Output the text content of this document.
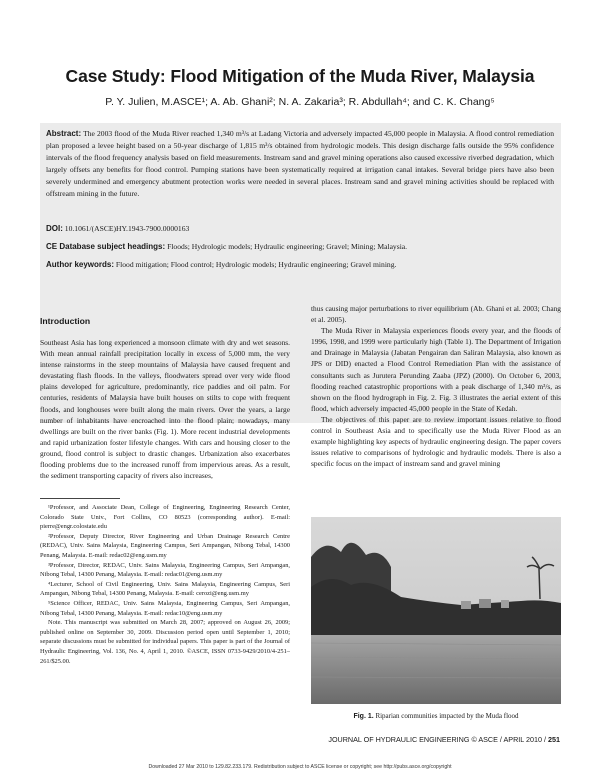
Case Study: Flood Mitigation of the Muda River, Malaysia
P. Y. Julien, M.ASCE¹; A. Ab. Ghani²; N. A. Zakaria³; R. Abdullah⁴; and C. K. Chang⁵
Abstract: The 2003 flood of the Muda River reached 1,340 m³/s at Ladang Victoria and adversely impacted 45,000 people in Malaysia. A flood control remediation plan proposed a levee height based on a 50-year discharge of 1,815 m³/s obtained from hydrologic models. This design discharge falls outside the 95% confidence intervals of the flood frequency analysis based on field measurements. Instream sand and gravel mining operations also caused excessive riverbed degradation, which largely offsets any benefits for flood control. Pumping stations have been systematically required at irrigation canal intakes. Several bridge piers have also been severely undermined and emergency abutment protection works were needed in several places. Instream sand and gravel mining activities should be replaced with offstream mining in the future.
DOI: 10.1061/(ASCE)HY.1943-7900.0000163
CE Database subject headings: Floods; Hydrologic models; Hydraulic engineering; Gravel; Mining; Malaysia.
Author keywords: Flood mitigation; Flood control; Hydrologic models; Hydraulic engineering; Gravel mining.
Introduction

Southeast Asia has long experienced a monsoon climate with dry and wet seasons. With mean annual rainfall precipitation locally in excess of 5,000 mm, the very intense rainstorms in the steep mountains of Malaysia have caused frequent and devastating flash floods. In the valleys, floodwaters spread over very wide flood plains developed for agriculture, predominantly, rice paddies and oil palm. For centuries, residents of Malaysia have built houses on stilts to cope with frequent floods, and longhouses were built along the main rivers. Over the years, a large number of inhabitants have encroached into the flood plain; nowadays, many dwellings are built on the river banks (Fig. 1). More recent industrial developments and rapid urbanization foster lifestyle changes. With cars and housing closer to the ground, flood control is subject to drastic changes. Urbanization also exacerbates flooding problems due to the increased runoff from impervious areas. As a result, the sediment transporting capacity of rivers also increases,

thus causing major perturbations to river equilibrium (Ab. Ghani et al. 2003; Chang et al. 2005).

The Muda River in Malaysia experiences floods every year, and the floods of 1996, 1998, and 1999 were particularly high (Table 1). The Department of Irrigation and Drainage in Malaysia (Jabatan Pengairan dan Saliran Malaysia, also known as JPS or DID) enacted a Flood Control Remediation Plan with the assistance of consultants such as Jurutera Perunding Zaaba (JPZ) (2000). On October 6, 2003, flooding reached catastrophic proportions with a peak discharge of 1,340 m³/s, as shown on the flood hydrograph in Fig. 2. Fig. 3 illustrates the aerial extent of this flood, which adversely impacted 45,000 people in the State of Kedah.

The objectives of this paper are to review important issues relative to flood control in Southeast Asia and to specifically use the Muda River Flood as an example highlighting key aspects of hydraulic engineering design. The paper covers issues relative to comparisons of hydrologic and hydraulic models. There is also a specific focus on the impact of instream sand and gravel mining

¹Professor, and Associate Dean, College of Engineering, Engineering Research Center, Colorado State Univ., Fort Collins, CO 80523 (corresponding author). E-mail: pierre@engr.colostate.edu

²Professor, Deputy Director, River Engineering and Urban Drainage Research Centre (REDAC), Univ. Sains Malaysia, Engineering Campus, Seri Ampangan, Nibong Tebal, 14300 Penang, Malaysia. E-mail: redac02@eng.usm.my

³Professor, Director, REDAC, Univ. Sains Malaysia, Engineering Campus, Seri Ampangan, Nibong Tebal, 14300 Penang, Malaysia. E-mail: redac01@eng.usm.my

⁴Lecturer, School of Civil Engineering, Univ. Sains Malaysia, Engineering Campus, Seri Ampangan, Nibong Tebal, 14300 Penang, Malaysia. E-mail: cerozi@eng.usm.my

⁵Science Officer, REDAC, Univ. Sains Malaysia, Engineering Campus, Seri Ampangan, Nibong Tebal, 14300 Penang, Malaysia. E-mail: redac10@eng.usm.my

Note. This manuscript was submitted on March 28, 2007; approved on August 26, 2009; published online on September 30, 2009. Discussion period open until September 1, 2010; separate discussions must be submitted for individual papers. This paper is part of the Journal of Hydraulic Engineering, Vol. 136, No. 4, April 1, 2010. ©ASCE, ISSN 0733-9429/2010/4-251–261/$25.00.

Fig. 1. Riparian communities impacted by the Muda flood
JOURNAL OF HYDRAULIC ENGINEERING © ASCE / APRIL 2010 / 251
Downloaded 27 Mar 2010 to 129.82.233.179. Redistribution subject to ASCE license or copyright; see http://pubs.asce.org/copyright
